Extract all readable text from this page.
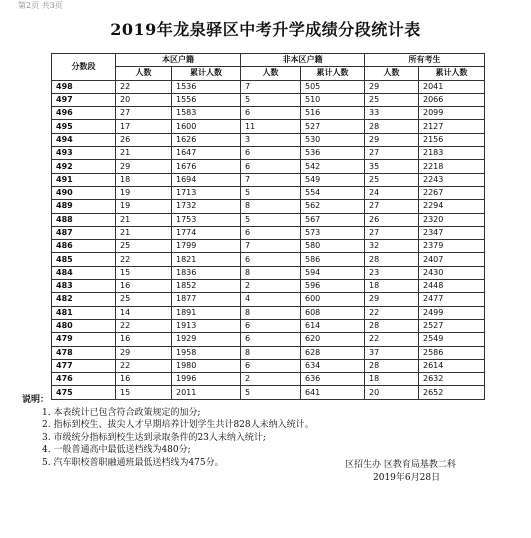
第2页 共3页
2019年龙泉驿区中考升学成绩分段统计表
分数段	本区户籍		非本区户籍		所有考生	
	人数	累计人数	人数	累计人数	人数	累计人数
498	22	1536	7	505	29	2041
497	20	1556	5	510	25	2066
496	27	1583	6	516	33	2099
495	17	1600	11	527	28	2127
494	26	1626	3	530	29	2156
493	21	1647	6	536	27	2183
492	29	1676	6	542	35	2218
491	18	1694	7	549	25	2243
490	19	1713	5	554	24	2267
489	19	1732	8	562	27	2294
488	21	1753	5	567	26	2320
487	21	1774	6	573	27	2347
486	25	1799	7	580	32	2379
485	22	1821	6	586	28	2407
484	15	1836	8	594	23	2430
483	16	1852	2	596	18	2448
482	25	1877	4	600	29	2477
481	14	1891	8	608	22	2499
480	22	1913	6	614	28	2527
479	16	1929	6	620	22	2549
478	29	1958	8	628	37	2586
477	22	1980	6	634	28	2614
476	16	1996	2	636	18	2632
475	15	2011	5	641	20	2652
说明：
1. 本表统计已包含符合政策规定的加分;
2. 指标到校生、拔尖人才早期培养计划学生共计828人未纳入统计。
3. 市级统分指标到校生达到录取条件的23人未纳入统计;
4. 一般普通高中最低送档线为480分;
5. 汽车职校普职融通班最低送档线为475分。	区招生办 区教育局基教二科
2019年6月28日
